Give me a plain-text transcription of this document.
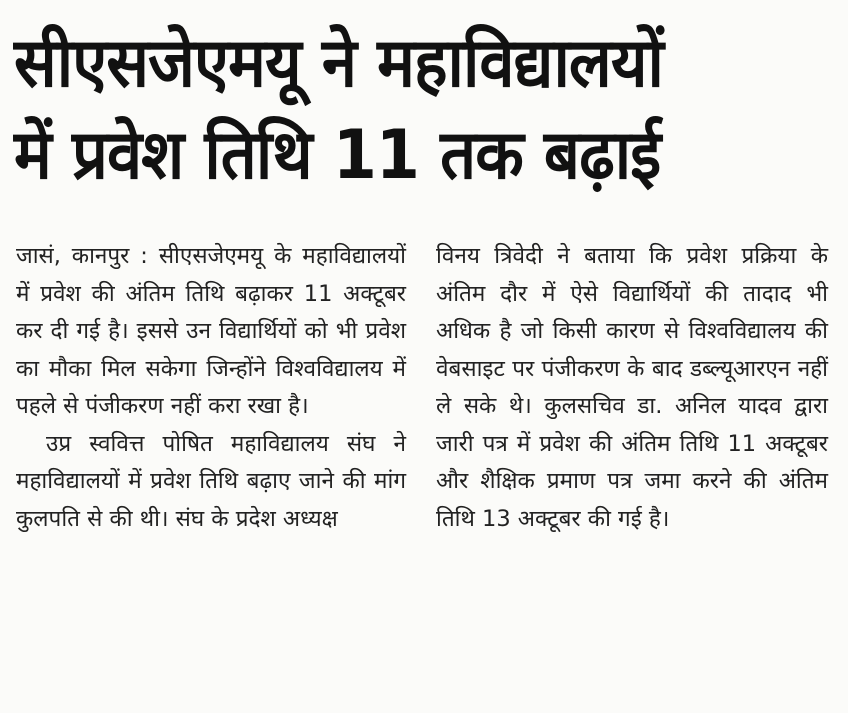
सीएसजेएमयू ने महाविद्यालयों
में प्रवेश तिथि 11 तक बढ़ाई

जासं, कानपुर : सीएसजेएमयू के महाविद्यालयों में प्रवेश की अंतिम तिथि बढ़ाकर 11 अक्टूबर कर दी गई है। इससे उन विद्यार्थियों को भी प्रवेश का मौका मिल सकेगा जिन्होंने विश्वविद्यालय में पहले से पंजीकरण नहीं करा रखा है।

उप्र स्ववित्त पोषित महाविद्यालय संघ ने महाविद्यालयों में प्रवेश तिथि बढ़ाए जाने की मांग कुलपति से की थी। संघ के प्रदेश अध्यक्ष

विनय त्रिवेदी ने बताया कि प्रवेश प्रक्रिया के अंतिम दौर में ऐसे विद्यार्थियों की तादाद भी अधिक है जो किसी कारण से विश्वविद्यालय की वेबसाइट पर पंजीकरण के बाद डब्ल्यूआरएन नहीं ले सके थे। कुलसचिव डा. अनिल यादव द्वारा जारी पत्र में प्रवेश की अंतिम तिथि 11 अक्टूबर और शैक्षिक प्रमाण पत्र जमा करने की अंतिम तिथि 13 अक्टूबर की गई है।
